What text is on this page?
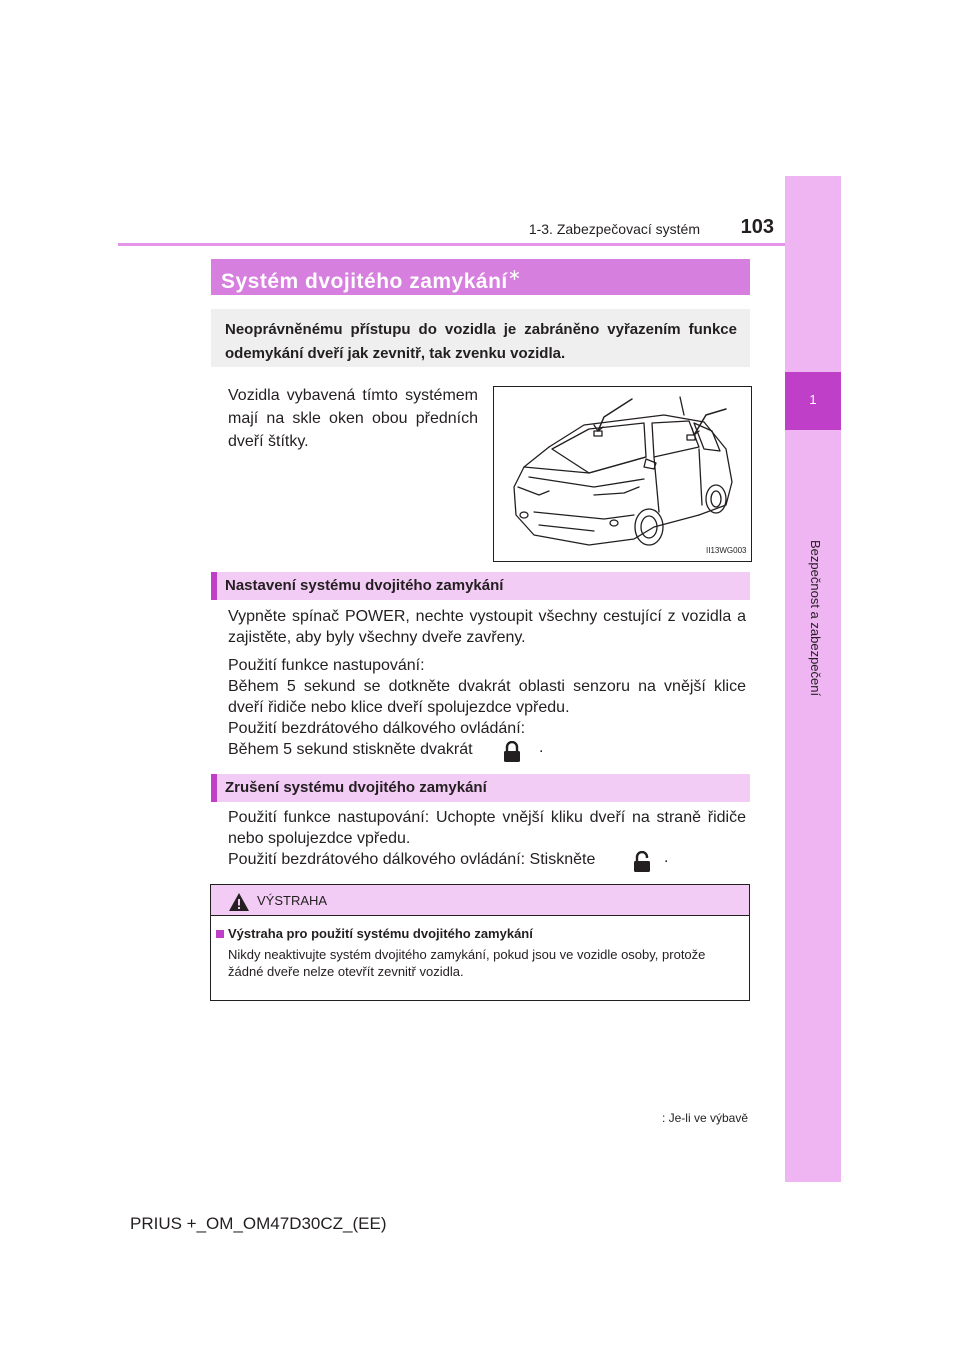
1
Bezpečnost a zabezpečení
1-3. Zabezpečovací systém	103
Systém dvojitého zamykání∗
Neoprávněnému přístupu do vozidla je zabráněno vyřazením funkce odemykání dveří jak zevnitř, tak zvenku vozidla.
Vozidla vybavená tímto systémem mají na skle oken obou předních dveří štítky.
II13WG003
Nastavení systému dvojitého zamykání
Vypněte spínač POWER, nechte vystoupit všechny cestující z vozidla a zajistěte, aby byly všechny dveře zavřeny.
Použití funkce nastupování:
Během 5 sekund se dotkněte dvakrát oblasti senzoru na vnější klice dveří řidiče nebo klice dveří spolujezdce vpředu.
Použití bezdrátového dálkového ovládání:
Během 5 sekund stiskněte dvakrát	.
Zrušení systému dvojitého zamykání
Použití funkce nastupování: Uchopte vnější kliku dveří na straně řidiče nebo spolujezdce vpředu.
Použití bezdrátového dálkového ovládání: Stiskněte	.
VÝSTRAHA
Výstraha pro použití systému dvojitého zamykání
Nikdy neaktivujte systém dvojitého zamykání, pokud jsou ve vozidle osoby, protože žádné dveře nelze otevřít zevnitř vozidla.
: Je-li ve výbavě
PRIUS +_OM_OM47D30CZ_(EE)
